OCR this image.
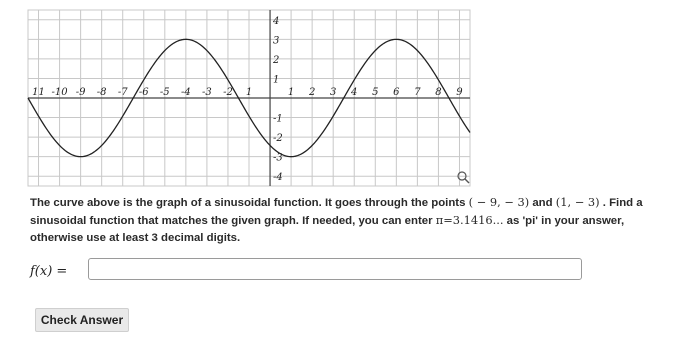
11 -10 -9 -8 -7 -6 -5 -4 -3 -2 1	1 2 3 4 5 6 7 8 9
4
3
2
1
-1
-2
-3
-4
The curve above is the graph of a sinusoidal function. It goes through the points ( − 9, − 3) and (1, − 3) . Find a sinusoidal function that matches the given graph. If needed, you can enter π=3.1416... as 'pi' in your answer, otherwise use at least 3 decimal digits.
f(x) =
Check Answer
